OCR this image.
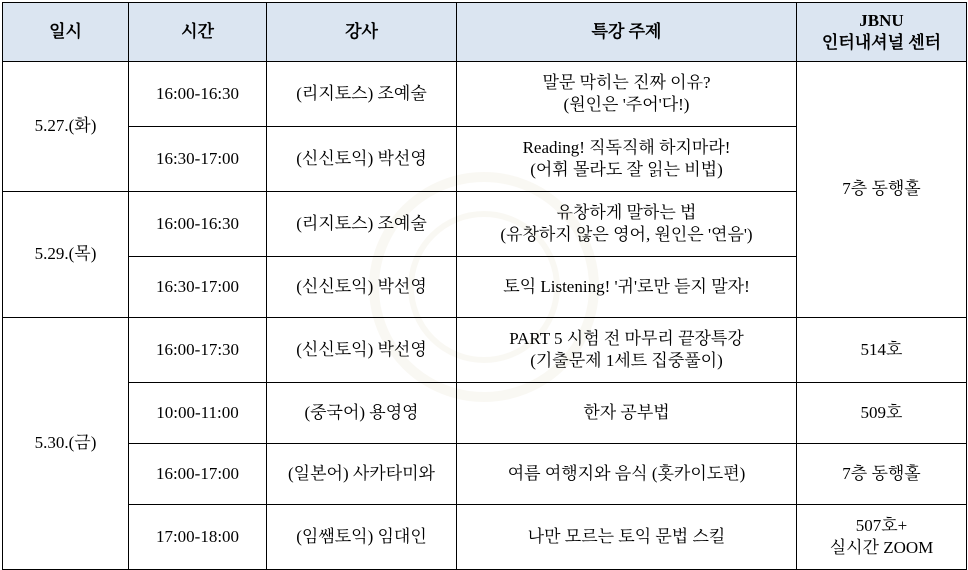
일시	시간	강사	특강 주제	JBNU
인터내셔널 센터

5.27.(화)	16:00-16:30	(리지토스) 조예술	말문 막히는 진짜 이유?
(원인은 '주어'다!)	7층 동행홀
	16:30-17:00	(신신토익) 박선영	Reading! 직독직해 하지마라!
(어휘 몰라도 잘 읽는 비법)	

5.29.(목)	16:00-16:30	(리지토스) 조예술	유창하게 말하는 법
(유창하지 않은 영어, 원인은 '연음')	

	16:30-17:00	(신신토익) 박선영	토익 Listening! '귀'로만 듣지 말자!	
5.30.(금)	16:00-17:30	(신신토익) 박선영	PART 5 시험 전 마무리 끝장특강
(기출문제 1세트 집중풀이)	514호
	10:00-11:00	(중국어) 용영영	한자 공부법	509호
	16:00-17:00	(일본어) 사카타미와	여름 여행지와 음식 (홋카이도편)	7층 동행홀
	17:00-18:00	(임쌤토익) 임대인	나만 모르는 토익 문법 스킬	507호+
실시간 ZOOM
